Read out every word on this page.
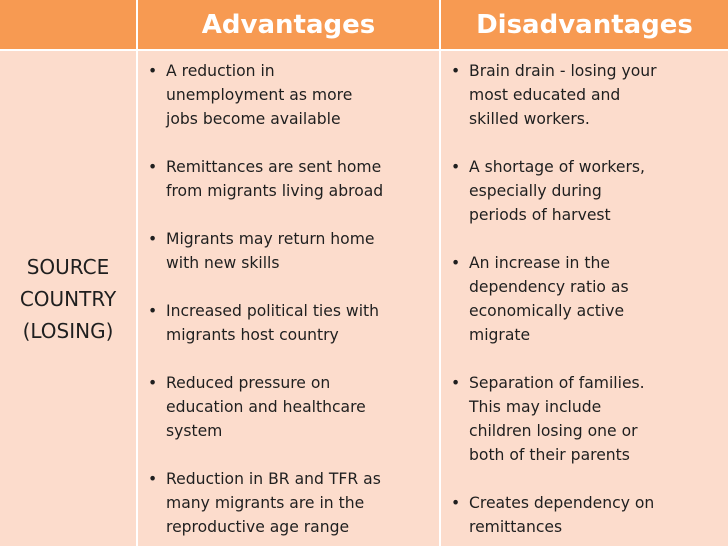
Advantages	Disadvantages
SOURCE
COUNTRY
(LOSING)
• A reduction in
unemployment as more
jobs become available
• Remittances are sent home
from migrants living abroad
• Migrants may return home
with new skills
• Increased political ties with
migrants host country
• Reduced pressure on
education and healthcare
system
• Reduction in BR and TFR as
many migrants are in the
reproductive age range
• Brain drain - losing your
most educated and
skilled workers.
• A shortage of workers,
especially during
periods of harvest
• An increase in the
dependency ratio as
economically active
migrate
• Separation of families.
This may include
children losing one or
both of their parents
• Creates dependency on
remittances
